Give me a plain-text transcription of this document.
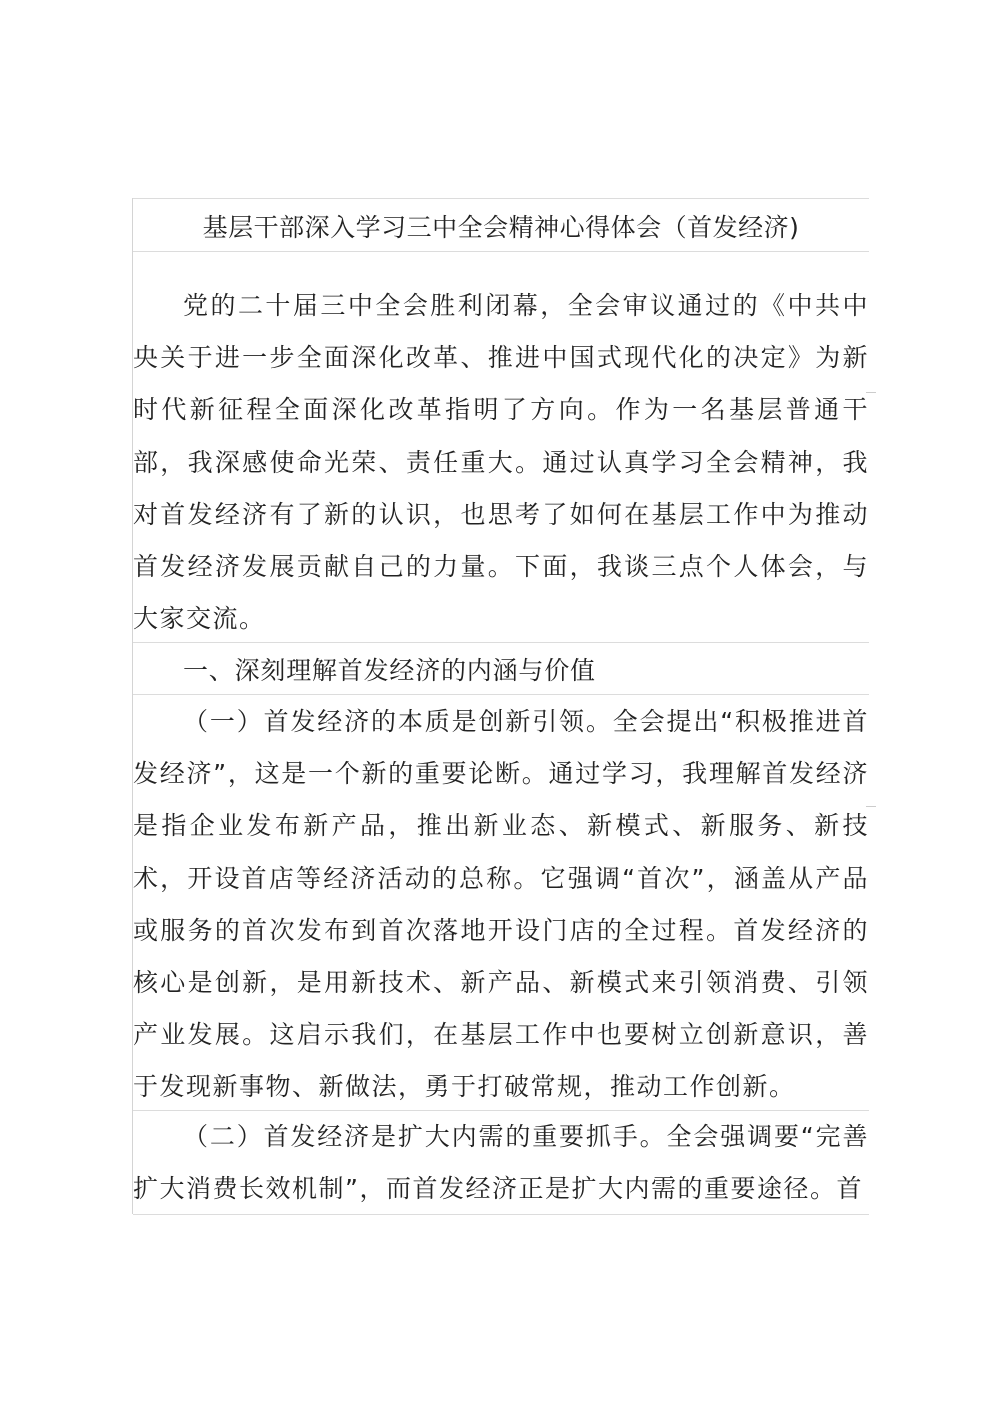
基层干部深入学习三中全会精神心得体会（首发经济)
党的二十届三中全会胜利闭幕，全会审议通过的《中共中央关于进一步全面深化改革、推进中国式现代化的决定》为新时代新征程全面深化改革指明了方向。作为一名基层普通干部，我深感使命光荣、责任重大。通过认真学习全会精神，我对首发经济有了新的认识，也思考了如何在基层工作中为推动首发经济发展贡献自己的力量。下面，我谈三点个人体会，与大家交流。
一、深刻理解首发经济的内涵与价值
（一）首发经济的本质是创新引领。全会提出“积极推进首发经济”，这是一个新的重要论断。通过学习，我理解首发经济是指企业发布新产品，推出新业态、新模式、新服务、新技术，开设首店等经济活动的总称。它强调“首次”，涵盖从产品或服务的首次发布到首次落地开设门店的全过程。首发经济的核心是创新，是用新技术、新产品、新模式来引领消费、引领产业发展。这启示我们，在基层工作中也要树立创新意识，善于发现新事物、新做法，勇于打破常规，推动工作创新。
（二）首发经济是扩大内需的重要抓手。全会强调要“完善扩大消费长效机制”，而首发经济正是扩大内需的重要途径。首
